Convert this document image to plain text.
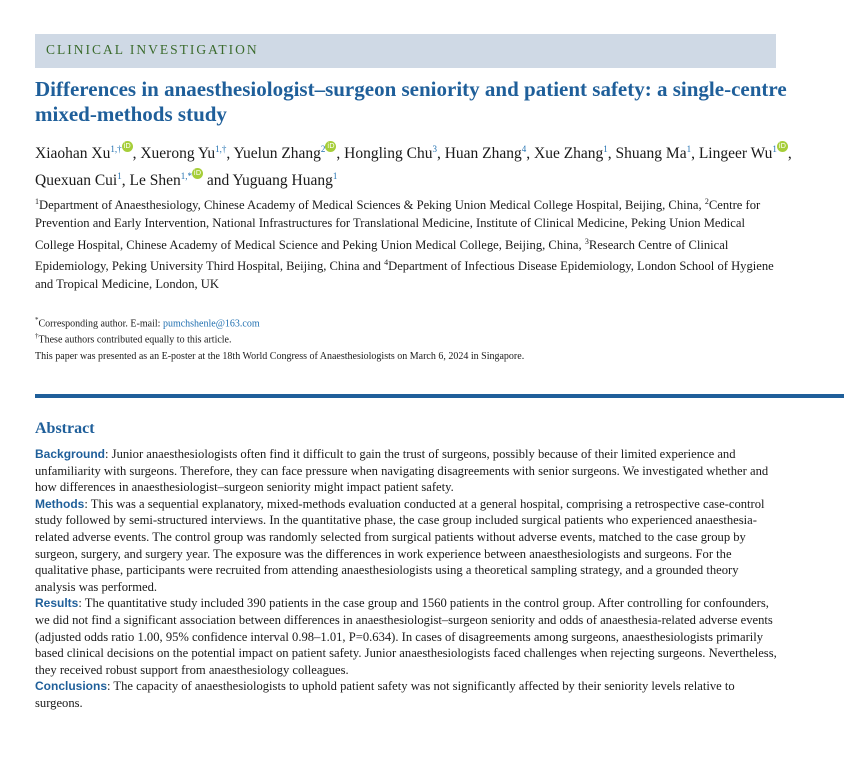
CLINICAL INVESTIGATION
Differences in anaesthesiologist–surgeon seniority and patient safety: a single-centre mixed-methods study
Xiaohan $Xu^{1,\dagger}$ iD , Xuerong $Yu^{1,\dagger}$, Yuelun Zhang$^2$ iD , Hongling Chu$^3$, Huan Zhang$^4$, Xue Zhang$^1$, Shuang Ma$^1$, Lingeer Wu$^1$ iD , Quexuan Cui$^1$, Le Shen$^{1,*}$ iD and Yuguang Huang$^1$
$^1$Department of Anaesthesiology, Chinese Academy of Medical Sciences & Peking Union Medical College Hospital, Beijing, China, $^2$Centre for Prevention and Early Intervention, National Infrastructures for Translational Medicine, Institute of Clinical Medicine, Peking Union Medical College Hospital, Chinese Academy of Medical Science and Peking Union Medical College, Beijing, China, $^3$Research Centre of Clinical Epidemiology, Peking University Third Hospital, Beijing, China and $^4$Department of Infectious Disease Epidemiology, London School of Hygiene and Tropical Medicine, London, UK
*Corresponding author. E-mail: pumchshenle@163.com
†These authors contributed equally to this article.
This paper was presented as an E-poster at the 18th World Congress of Anaesthesiologists on March 6, 2024 in Singapore.
Abstract

Background: Junior anaesthesiologists often find it difficult to gain the trust of surgeons, possibly because of their limited experience and unfamiliarity with surgeons. Therefore, they can face pressure when navigating disagreements with senior surgeons. We investigated whether and how differences in anaesthesiologist–surgeon seniority might impact patient safety.

Methods: This was a sequential explanatory, mixed-methods evaluation conducted at a general hospital, comprising a retrospective case-control study followed by semi-structured interviews. In the quantitative phase, the case group included surgical patients who experienced anaesthesia-related adverse events. The control group was randomly selected from surgical patients without adverse events, matched to the case group by surgeon, surgery, and surgery year. The exposure was the differences in work experience between anaesthesiologists and surgeons. For the qualitative phase, participants were recruited from attending anaesthesiologists using a theoretical sampling strategy, and a grounded theory analysis was performed.

Results: The quantitative study included 390 patients in the case group and 1560 patients in the control group. After controlling for confounders, we did not find a significant association between differences in anaesthesiologist–surgeon seniority and odds of anaesthesia-related adverse events (adjusted odds ratio 1.00, 95% confidence interval 0.98–1.01, P=0.634). In cases of disagreements among surgeons, anaesthesiologists primarily based clinical decisions on the potential impact on patient safety. Junior anaesthesiologists faced challenges when rejecting surgeons. Nevertheless, they received robust support from anaesthesiology colleagues.

Conclusions: The capacity of anaesthesiologists to uphold patient safety was not significantly affected by their seniority levels relative to surgeons.
